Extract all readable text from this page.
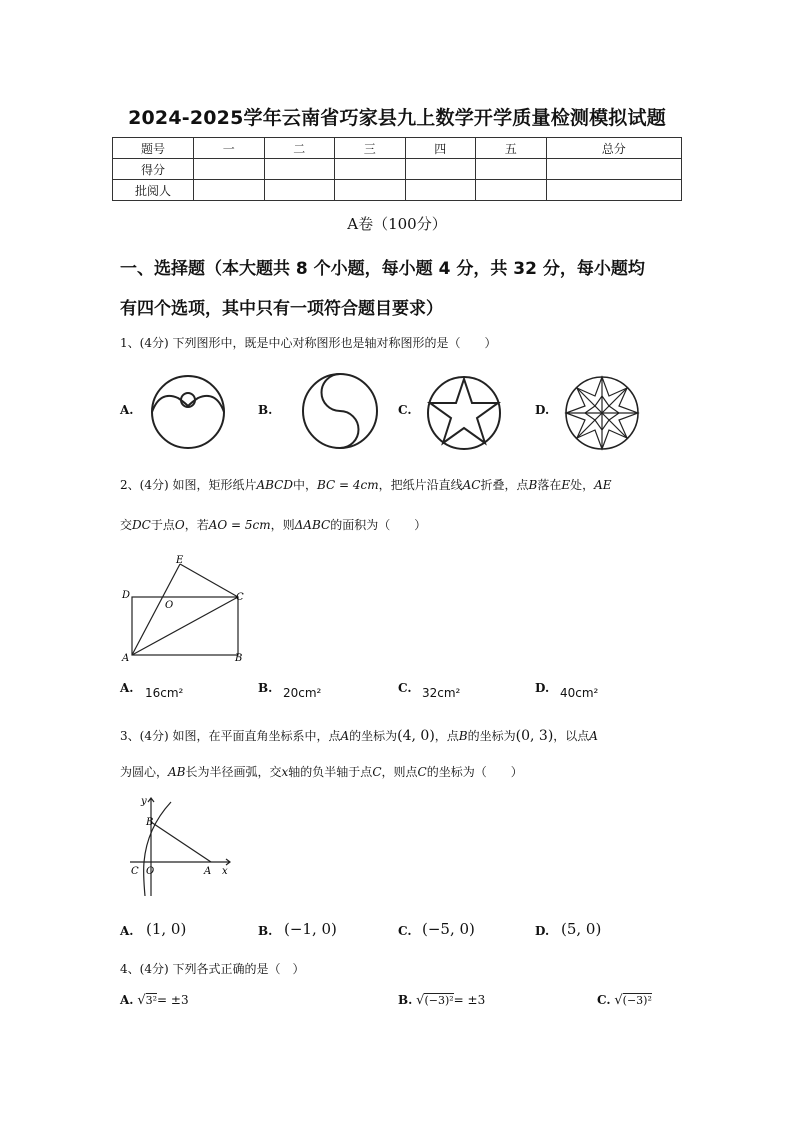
2024-2025学年云南省巧家县九上数学开学质量检测模拟试题
题号	一	二	三	四	五	总分
得分						
批阅人						
A卷（100分）
一、选择题（本大题共 8 个小题，每小题 4 分，共 32 分，每小题均
有四个选项，其中只有一项符合题目要求）
1、(4分) 下列图形中，既是中心对称图形也是轴对称图形的是（　　）
A.	B.	C.	D.
2、(4分) 如图，矩形纸片ABCD中，BC = 4cm，把纸片沿直线AC折叠，点B落在E处，AE
交DC于点O，若AO = 5cm，则ΔABC的面积为（　　）
E
D
O
C
A	B
A. 16cm²	B. 20cm²	C. 32cm²	D. 40cm²
3、(4分) 如图，在平面直角坐标系中，点A的坐标为(4, 0)，点B的坐标为(0, 3)，以点A
为圆心，AB长为半径画弧，交x轴的负半轴于点C，则点C的坐标为（　　）
y
B
C O	A x
A. (1, 0)	B. (−1, 0)	C. (−5, 0)	D. (5, 0)
4、(4分) 下列各式正确的是（　）
A. √3²= ±3	B. √(−3)²= ±3	C. √(−3)²
